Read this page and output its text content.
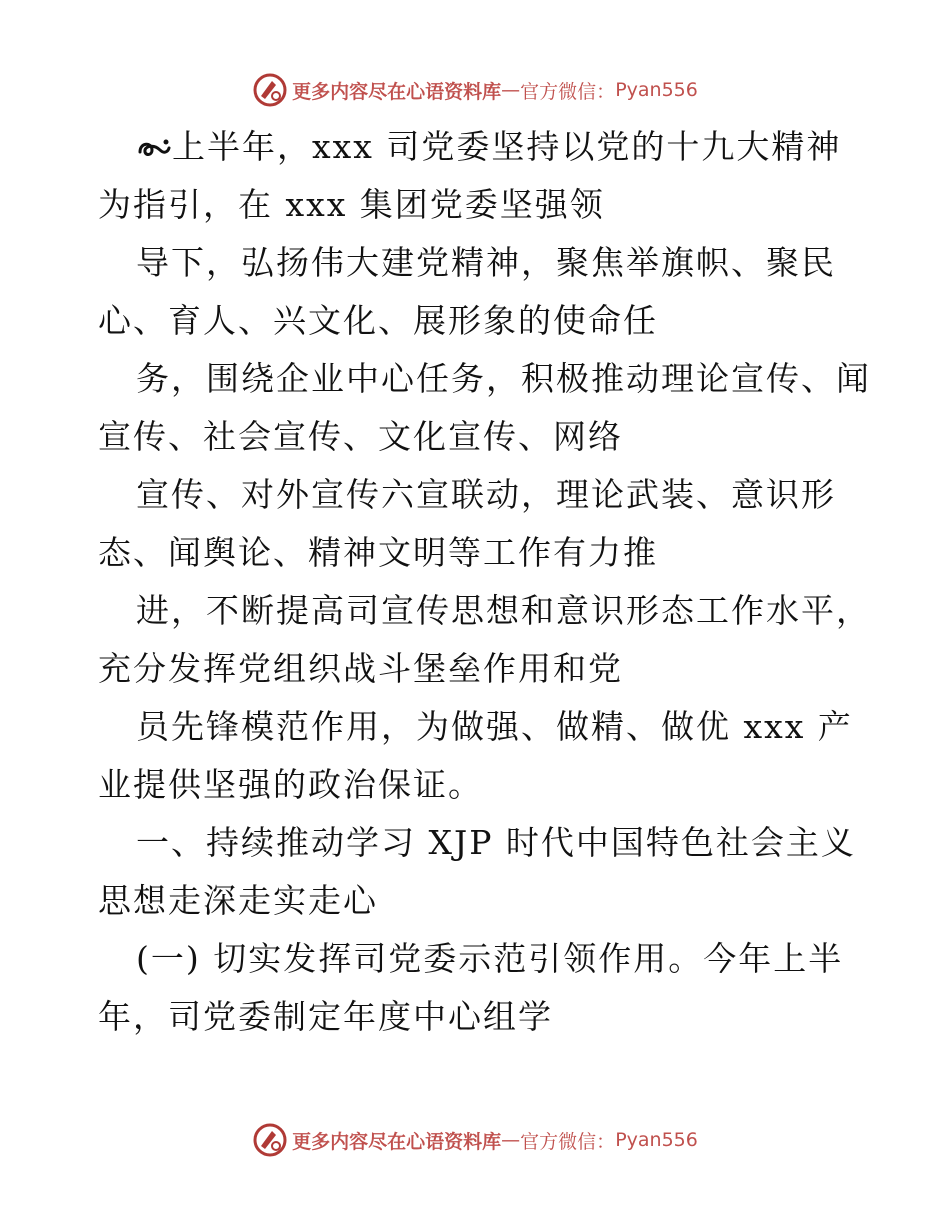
更多内容尽在心语资料库 — 官方微信： Pyan556
上半年，xxx 司党委坚持以党的十九大精神
为指引，在 xxx 集团党委坚强领
导下，弘扬伟大建党精神，聚焦举旗帜、聚民
心、育人、兴文化、展形象的使命任
务，围绕企业中心任务，积极推动理论宣传、闻
宣传、社会宣传、文化宣传、网络
宣传、对外宣传六宣联动，理论武装、意识形
态、闻舆论、精神文明等工作有力推
进，不断提高司宣传思想和意识形态工作水平，
充分发挥党组织战斗堡垒作用和党
员先锋模范作用，为做强、做精、做优 xxx 产
业提供坚强的政治保证。
一、持续推动学习 XJP 时代中国特色社会主义
思想走深走实走心
(一) 切实发挥司党委示范引领作用。今年上半
年，司党委制定年度中心组学
更多内容尽在心语资料库 — 官方微信： Pyan556
